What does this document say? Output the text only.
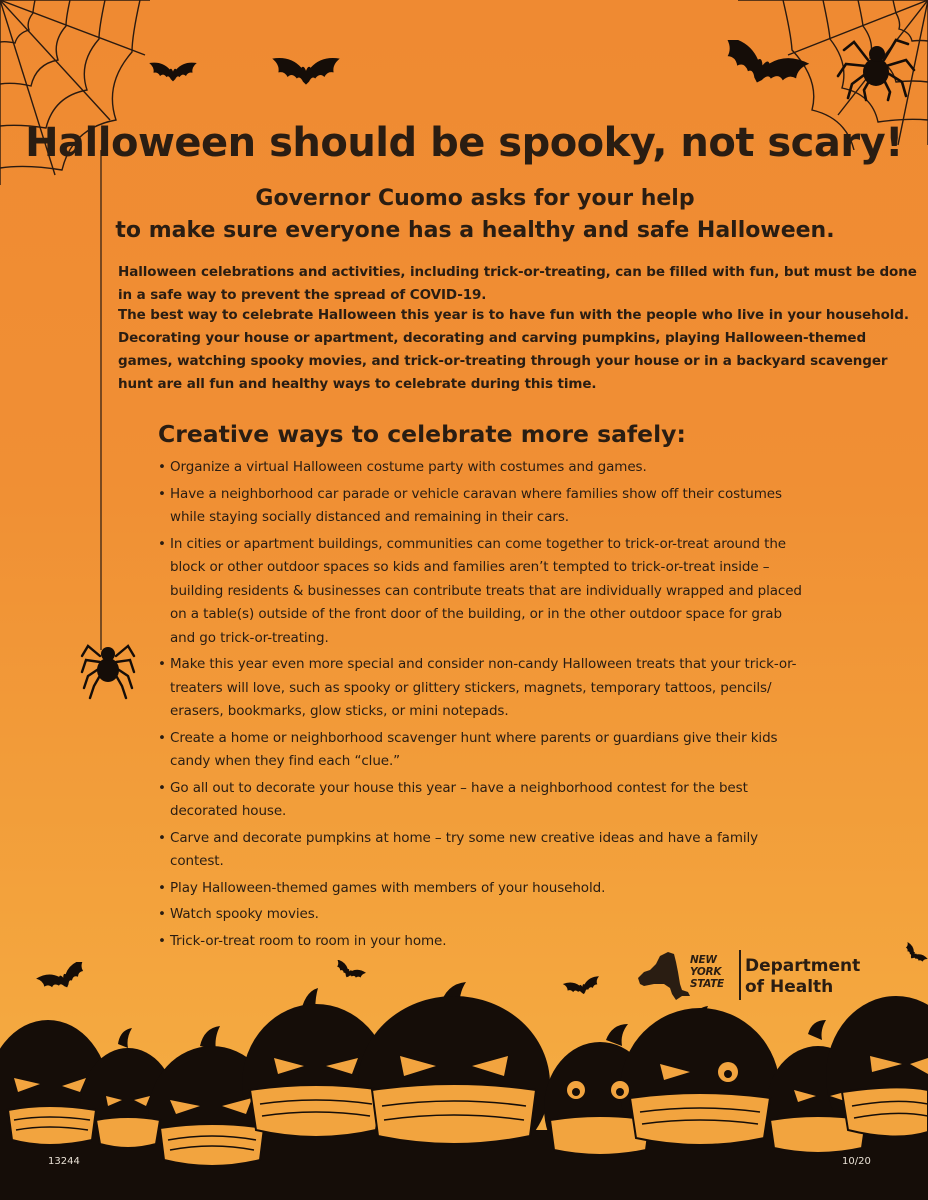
Halloween should be spooky, not scary!
Governor Cuomo asks for your help
to make sure everyone has a healthy and safe Halloween.

Halloween celebrations and activities, including trick-or-treating, can be filled with fun, but must be done in a safe way to prevent the spread of COVID-19.

The best way to celebrate Halloween this year is to have fun with the people who live in your household. Decorating your house or apartment, decorating and carving pumpkins, playing Halloween-themed games, watching spooky movies, and trick-or-treating through your house or in a backyard scavenger hunt are all fun and healthy ways to celebrate during this time.

Creative ways to celebrate more safely:
• Organize a virtual Halloween costume party with costumes and games.
• Have a neighborhood car parade or vehicle caravan where families show off their costumes while staying socially distanced and remaining in their cars.
• In cities or apartment buildings, communities can come together to trick-or-treat around the block or other outdoor spaces so kids and families aren’t tempted to trick-or-treat inside – building residents & businesses can contribute treats that are individually wrapped and placed on a table(s) outside of the front door of the building, or in the other outdoor space for grab and go trick-or-treating.
• Make this year even more special and consider non-candy Halloween treats that your trick-or-treaters will love, such as spooky or glittery stickers, magnets, temporary tattoos, pencils/ erasers, bookmarks, glow sticks, or mini notepads.
• Create a home or neighborhood scavenger hunt where parents or guardians give their kids candy when they find each “clue.”
• Go all out to decorate your house this year – have a neighborhood contest for the best decorated house.
• Carve and decorate pumpkins at home – try some new creative ideas and have a family contest.
• Play Halloween-themed games with members of your household.
• Watch spooky movies.
• Trick-or-treat room to room in your home.
NEW YORK STATE
Department of Health
13244	10/20
